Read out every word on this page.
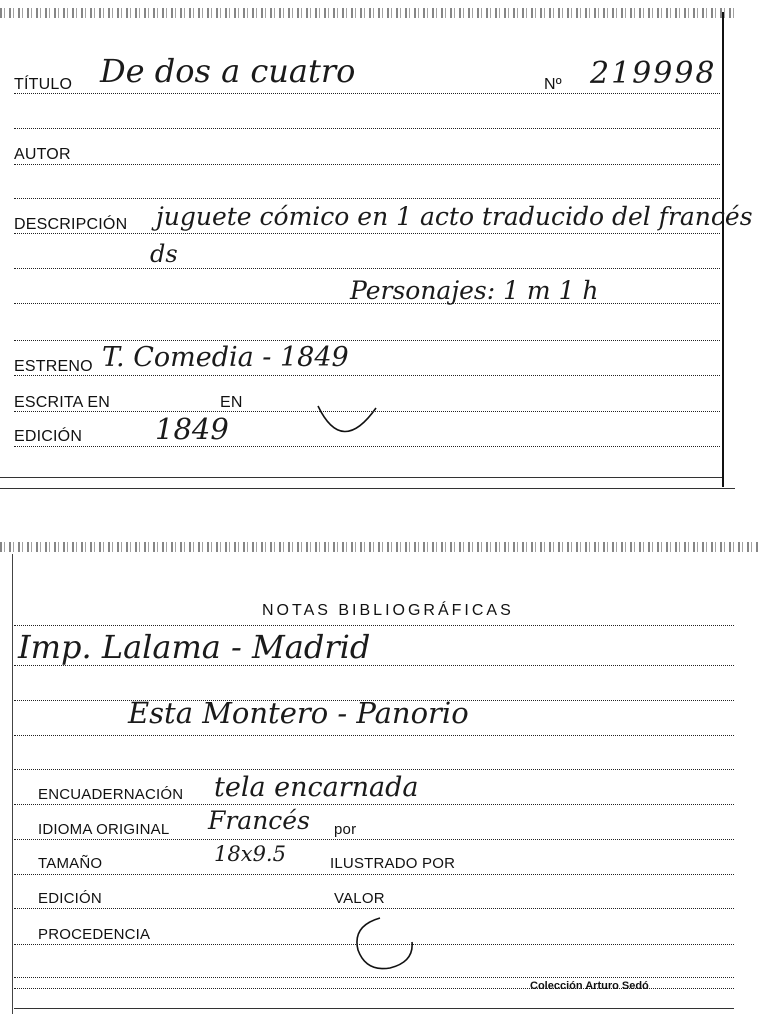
TÍTULO De dos a cuatro	Nº 219998
AUTOR
DESCRIPCIÓN juguete cómico en 1 acto traducido del francés
ds
Personajes: 1 m 1 h
ESTRENO T. Comedia - 1849
ESCRITA EN	EN
EDICIÓN	1849
NOTAS BIBLIOGRÁFICAS
Imp. Lalama - Madrid
Esta Montero - Panorio
ENCUADERNACIÓN tela encarnada
IDIOMA ORIGINAL Francés por
TAMAÑO	18x9.5	ILUSTRADO POR
EDICIÓN	VALOR
PROCEDENCIA
Colección Arturo Sedó
